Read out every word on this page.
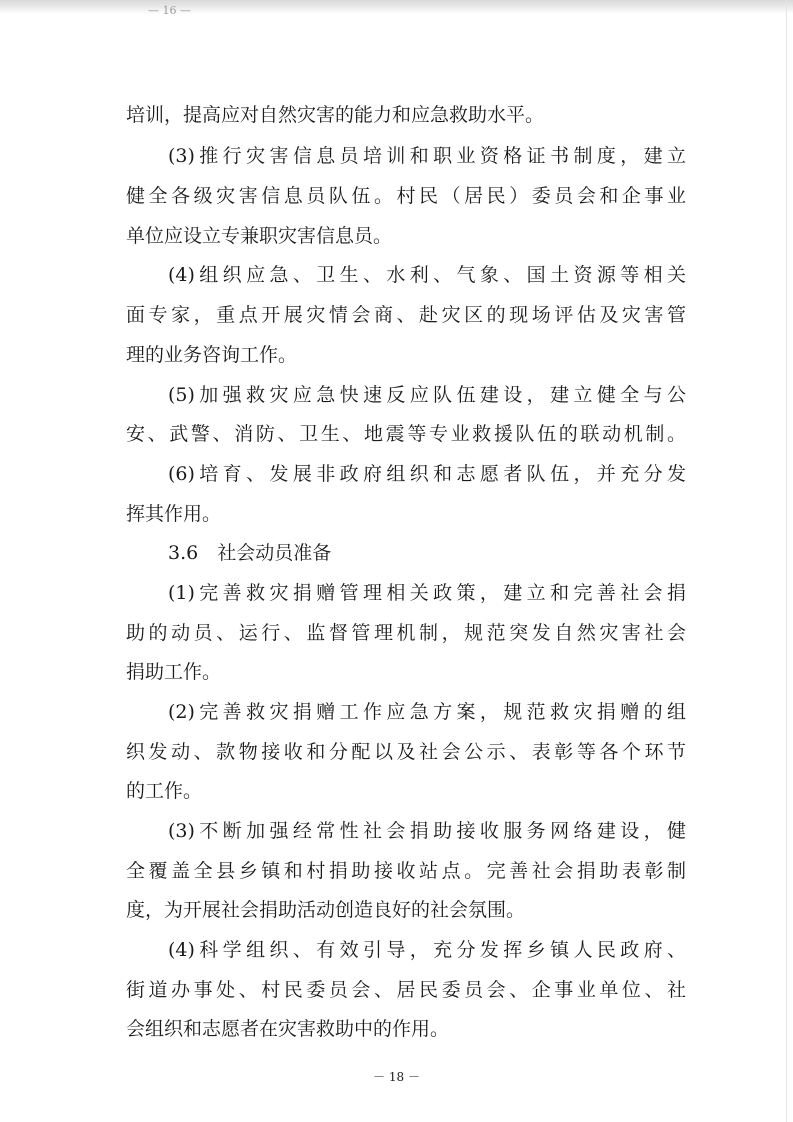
— 16 —
培训，提高应对自然灾害的能力和应急救助水平。
(3)推行灾害信息员培训和职业资格证书制度，建立
健全各级灾害信息员队伍。村民（居民）委员会和企事业
单位应设立专兼职灾害信息员。
(4)组织应急、卫生、水利、气象、国土资源等相关
面专家，重点开展灾情会商、赴灾区的现场评估及灾害管
理的业务咨询工作。
(5)加强救灾应急快速反应队伍建设，建立健全与公
安、武警、消防、卫生、地震等专业救援队伍的联动机制。
(6)培育、发展非政府组织和志愿者队伍，并充分发
挥其作用。
3.6　社会动员准备
(1)完善救灾捐赠管理相关政策，建立和完善社会捐
助的动员、运行、监督管理机制，规范突发自然灾害社会
捐助工作。
(2)完善救灾捐赠工作应急方案，规范救灾捐赠的组
织发动、款物接收和分配以及社会公示、表彰等各个环节
的工作。
(3)不断加强经常性社会捐助接收服务网络建设，健
全覆盖全县乡镇和村捐助接收站点。完善社会捐助表彰制
度，为开展社会捐助活动创造良好的社会氛围。
(4)科学组织、有效引导，充分发挥乡镇人民政府、
街道办事处、村民委员会、居民委员会、企事业单位、社
会组织和志愿者在灾害救助中的作用。
－ 18 －
